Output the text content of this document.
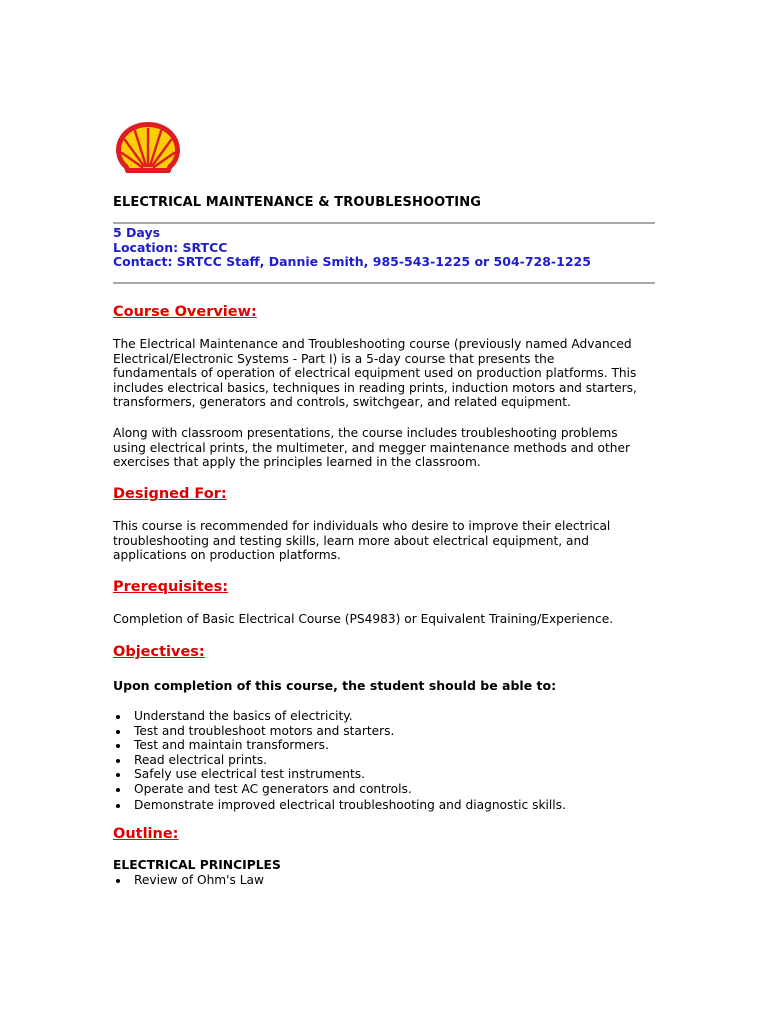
ELECTRICAL MAINTENANCE & TROUBLESHOOTING
5 Days
Location: SRTCC
Contact: SRTCC Staff, Dannie Smith, 985-543-1225 or 504-728-1225
Course Overview:
The Electrical Maintenance and Troubleshooting course (previously named Advanced
Electrical/Electronic Systems - Part I) is a 5-day course that presents the
fundamentals of operation of electrical equipment used on production platforms. This
includes electrical basics, techniques in reading prints, induction motors and starters,
transformers, generators and controls, switchgear, and related equipment.
Along with classroom presentations, the course includes troubleshooting problems
using electrical prints, the multimeter, and megger maintenance methods and other
exercises that apply the principles learned in the classroom.
Designed For:
This course is recommended for individuals who desire to improve their electrical
troubleshooting and testing skills, learn more about electrical equipment, and
applications on production platforms.
Prerequisites:
Completion of Basic Electrical Course (PS4983) or Equivalent Training/Experience.
Objectives:
Upon completion of this course, the student should be able to:
Understand the basics of electricity.
Test and troubleshoot motors and starters.
Test and maintain transformers.
Read electrical prints.
Safely use electrical test instruments.
Operate and test AC generators and controls.
Demonstrate improved electrical troubleshooting and diagnostic skills.
Outline:
ELECTRICAL PRINCIPLES
Review of Ohm's Law
